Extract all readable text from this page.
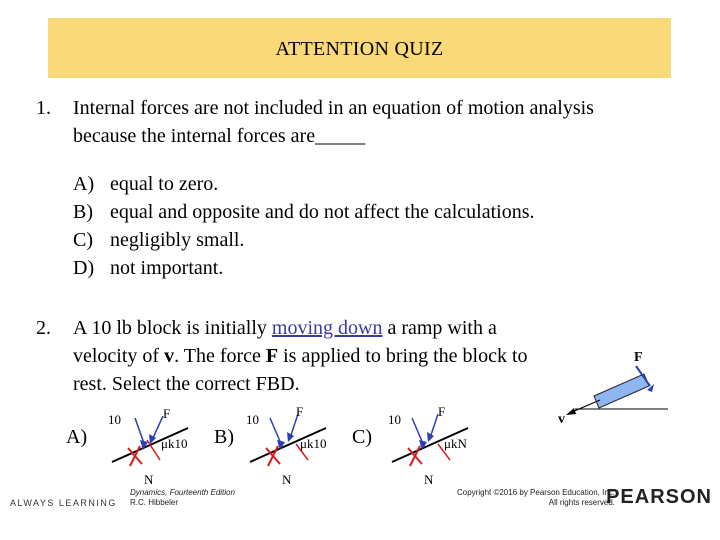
ATTENTION QUIZ
1. Internal forces are not included in an equation of motion analysis because the internal forces are_____
A) equal to zero.
B) equal and opposite and do not affect the calculations.
C) negligibly small.
D) not important.
2. A 10 lb block is initially moving down a ramp with a velocity of v. The force F is applied to bring the block to rest. Select the correct FBD.
F
v
A)
10	F
μk10
N
B)
10
F
μk10
N
C)
10
F
μkN
N
ALWAYS LEARNING
Dynamics, Fourteenth Edition
R.C. Hibbeler
Copyright ©2016 by Pearson Education, Inc.
All rights reserved.
PEARSON
